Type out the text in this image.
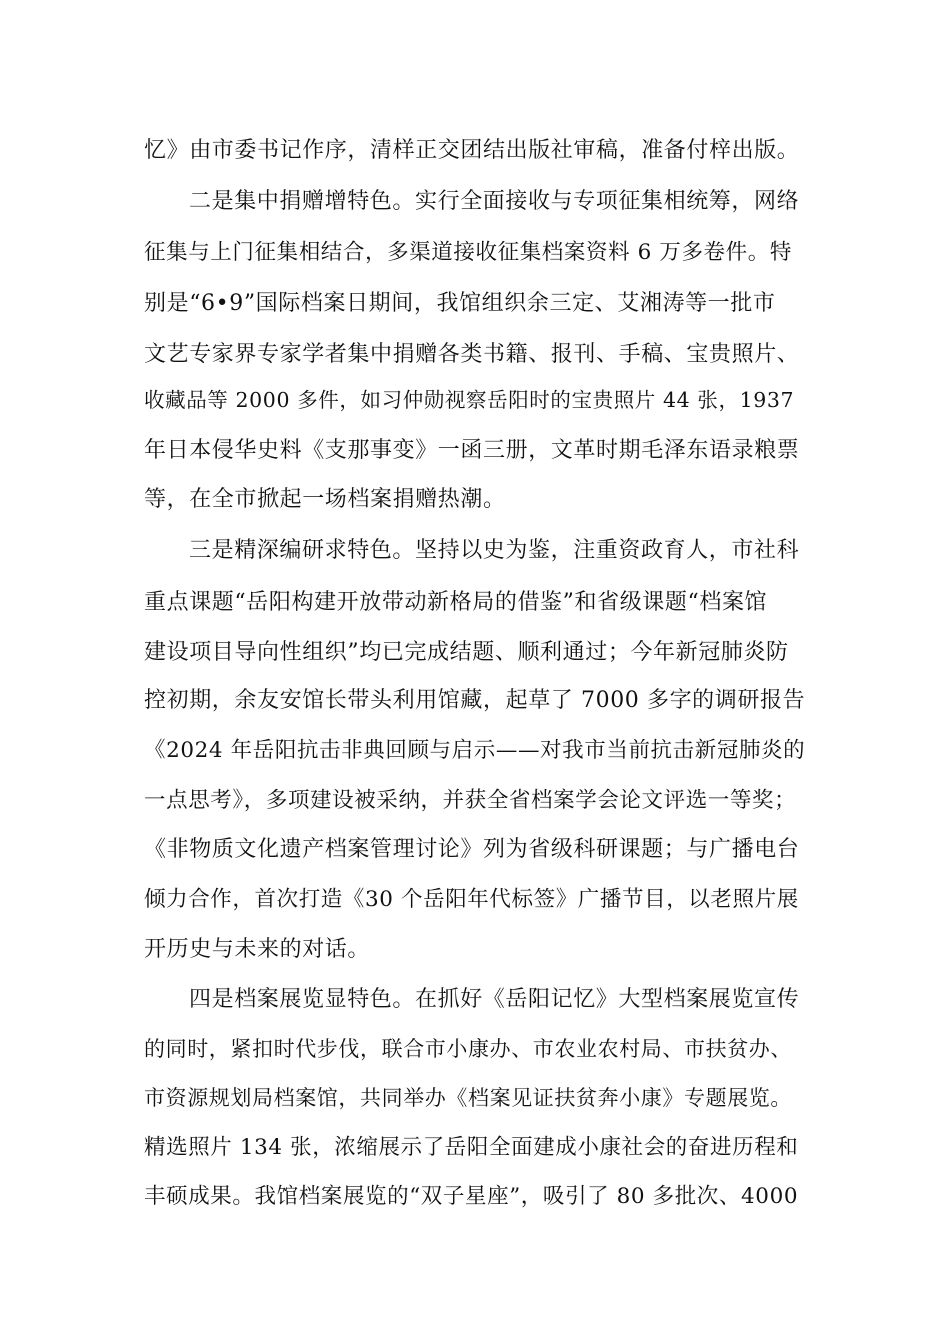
忆》由市委书记作序，清样正交团结出版社审稿，准备付梓出版。

二是集中捐赠增特色。实行全面接收与专项征集相统筹，网络

征集与上门征集相结合，多渠道接收征集档案资料 6 万多卷件。特

别是“6•9”国际档案日期间，我馆组织余三定、艾湘涛等一批市

文艺专家界专家学者集中捐赠各类书籍、报刊、手稿、宝贵照片、

收藏品等 2000 多件，如习仲勋视察岳阳时的宝贵照片 44 张，1937

年日本侵华史料《支那事变》一函三册，文革时期毛泽东语录粮票

等，在全市掀起一场档案捐赠热潮。

三是精深编研求特色。坚持以史为鉴，注重资政育人，市社科

重点课题“岳阳构建开放带动新格局的借鉴”和省级课题“档案馆

建设项目导向性组织”均已完成结题、顺利通过；今年新冠肺炎防

控初期，余友安馆长带头利用馆藏，起草了 7000 多字的调研报告

《2024 年岳阳抗击非典回顾与启示——对我市当前抗击新冠肺炎的

一点思考》，多项建设被采纳，并获全省档案学会论文评选一等奖；

《非物质文化遗产档案管理讨论》列为省级科研课题；与广播电台

倾力合作，首次打造《30 个岳阳年代标签》广播节目，以老照片展

开历史与未来的对话。

四是档案展览显特色。在抓好《岳阳记忆》大型档案展览宣传

的同时，紧扣时代步伐，联合市小康办、市农业农村局、市扶贫办、

市资源规划局档案馆，共同举办《档案见证扶贫奔小康》专题展览。

精选照片 134 张，浓缩展示了岳阳全面建成小康社会的奋进历程和

丰硕成果。我馆档案展览的“双子星座”，吸引了 80 多批次、4000
